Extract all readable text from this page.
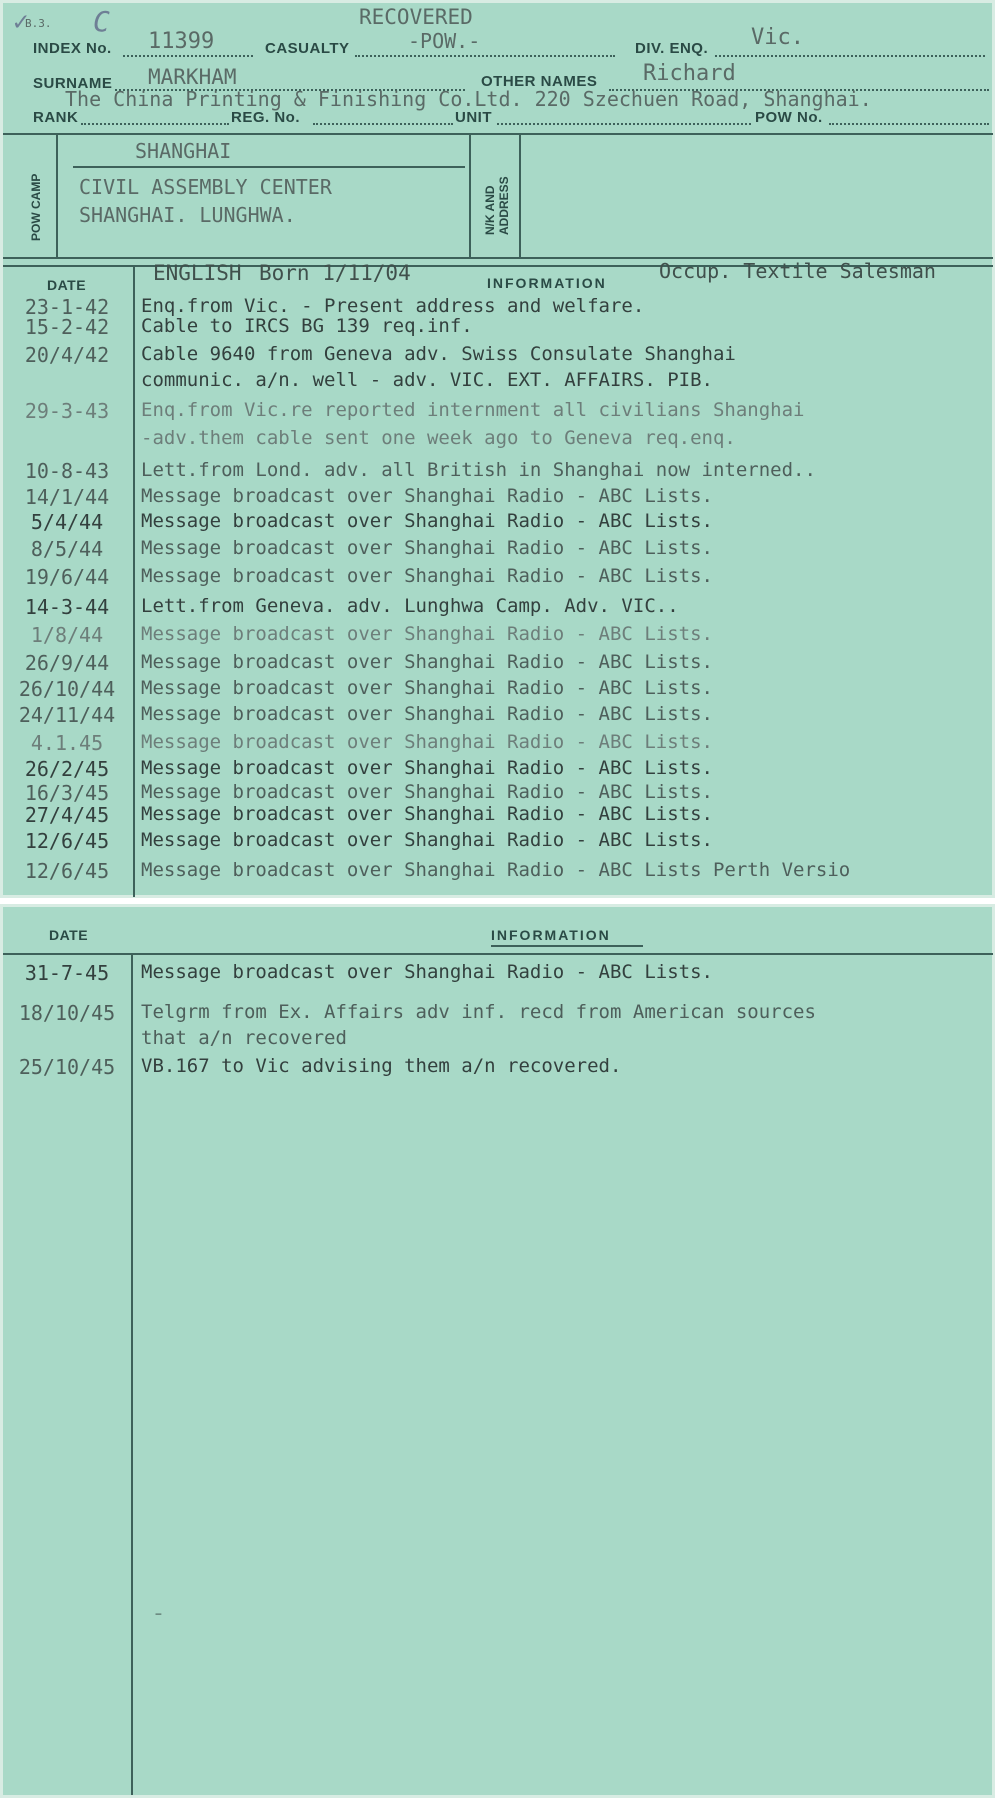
B.3.
✓ C	RECOVERED
INDEX No. 11399	CASUALTY	-POW.-	DIV. ENQ. Vic.
SURNAME MARKHAM	OTHER NAMES Richard
The China Printing & Finishing Co.Ltd. 220 Szechuen Road, Shanghai.
RANK	REG. No.	UNIT	POW No.
POW CAMP
SHANGHAI
CIVIL ASSEMBLY CENTER
SHANGHAI. LUNGHWA.	N/K AND ADDRESS
DATE	INFORMATION
ENGLISH Born 1/11/04	Occup. Textile Salesman
23-1-42	Enq.from Vic. - Present address and welfare.
15-2-42	Cable to IRCS BG 139 req.inf.
20/4/42	Cable 9640 from Geneva adv. Swiss Consulate Shanghai
communic. a/n. well - adv. VIC. EXT. AFFAIRS. PIB.
29-3-43	Enq.from Vic.re reported internment all civilians Shanghai
-adv.them cable sent one week ago to Geneva req.enq.
10-8-43	Lett.from Lond. adv. all British in Shanghai now interned..
14/1/44	Message broadcast over Shanghai Radio - ABC Lists.
5/4/44	Message broadcast over Shanghai Radio - ABC Lists.
8/5/44	Message broadcast over Shanghai Radio - ABC Lists.
19/6/44	Message broadcast over Shanghai Radio - ABC Lists.
14-3-44	Lett.from Geneva. adv. Lunghwa Camp. Adv. VIC..
1/8/44	Message broadcast over Shanghai Radio - ABC Lists.
26/9/44	Message broadcast over Shanghai Radio - ABC Lists.
26/10/44	Message broadcast over Shanghai Radio - ABC Lists.
24/11/44	Message broadcast over Shanghai Radio - ABC Lists.
4.1.45	Message broadcast over Shanghai Radio - ABC Lists.
26/2/45	Message broadcast over Shanghai Radio - ABC Lists.
16/3/45	Message broadcast over Shanghai Radio - ABC Lists.
27/4/45	Message broadcast over Shanghai Radio - ABC Lists.
12/6/45	Message broadcast over Shanghai Radio - ABC Lists.
12/6/45	Message broadcast over Shanghai Radio - ABC Lists Perth Versio
DATE	INFORMATION
31-7-45	Message broadcast over Shanghai Radio - ABC Lists.
18/10/45	Telgrm from Ex. Affairs adv inf. recd from American sources
that a/n recovered
25/10/45	VB.167 to Vic advising them a/n recovered.
⁻
